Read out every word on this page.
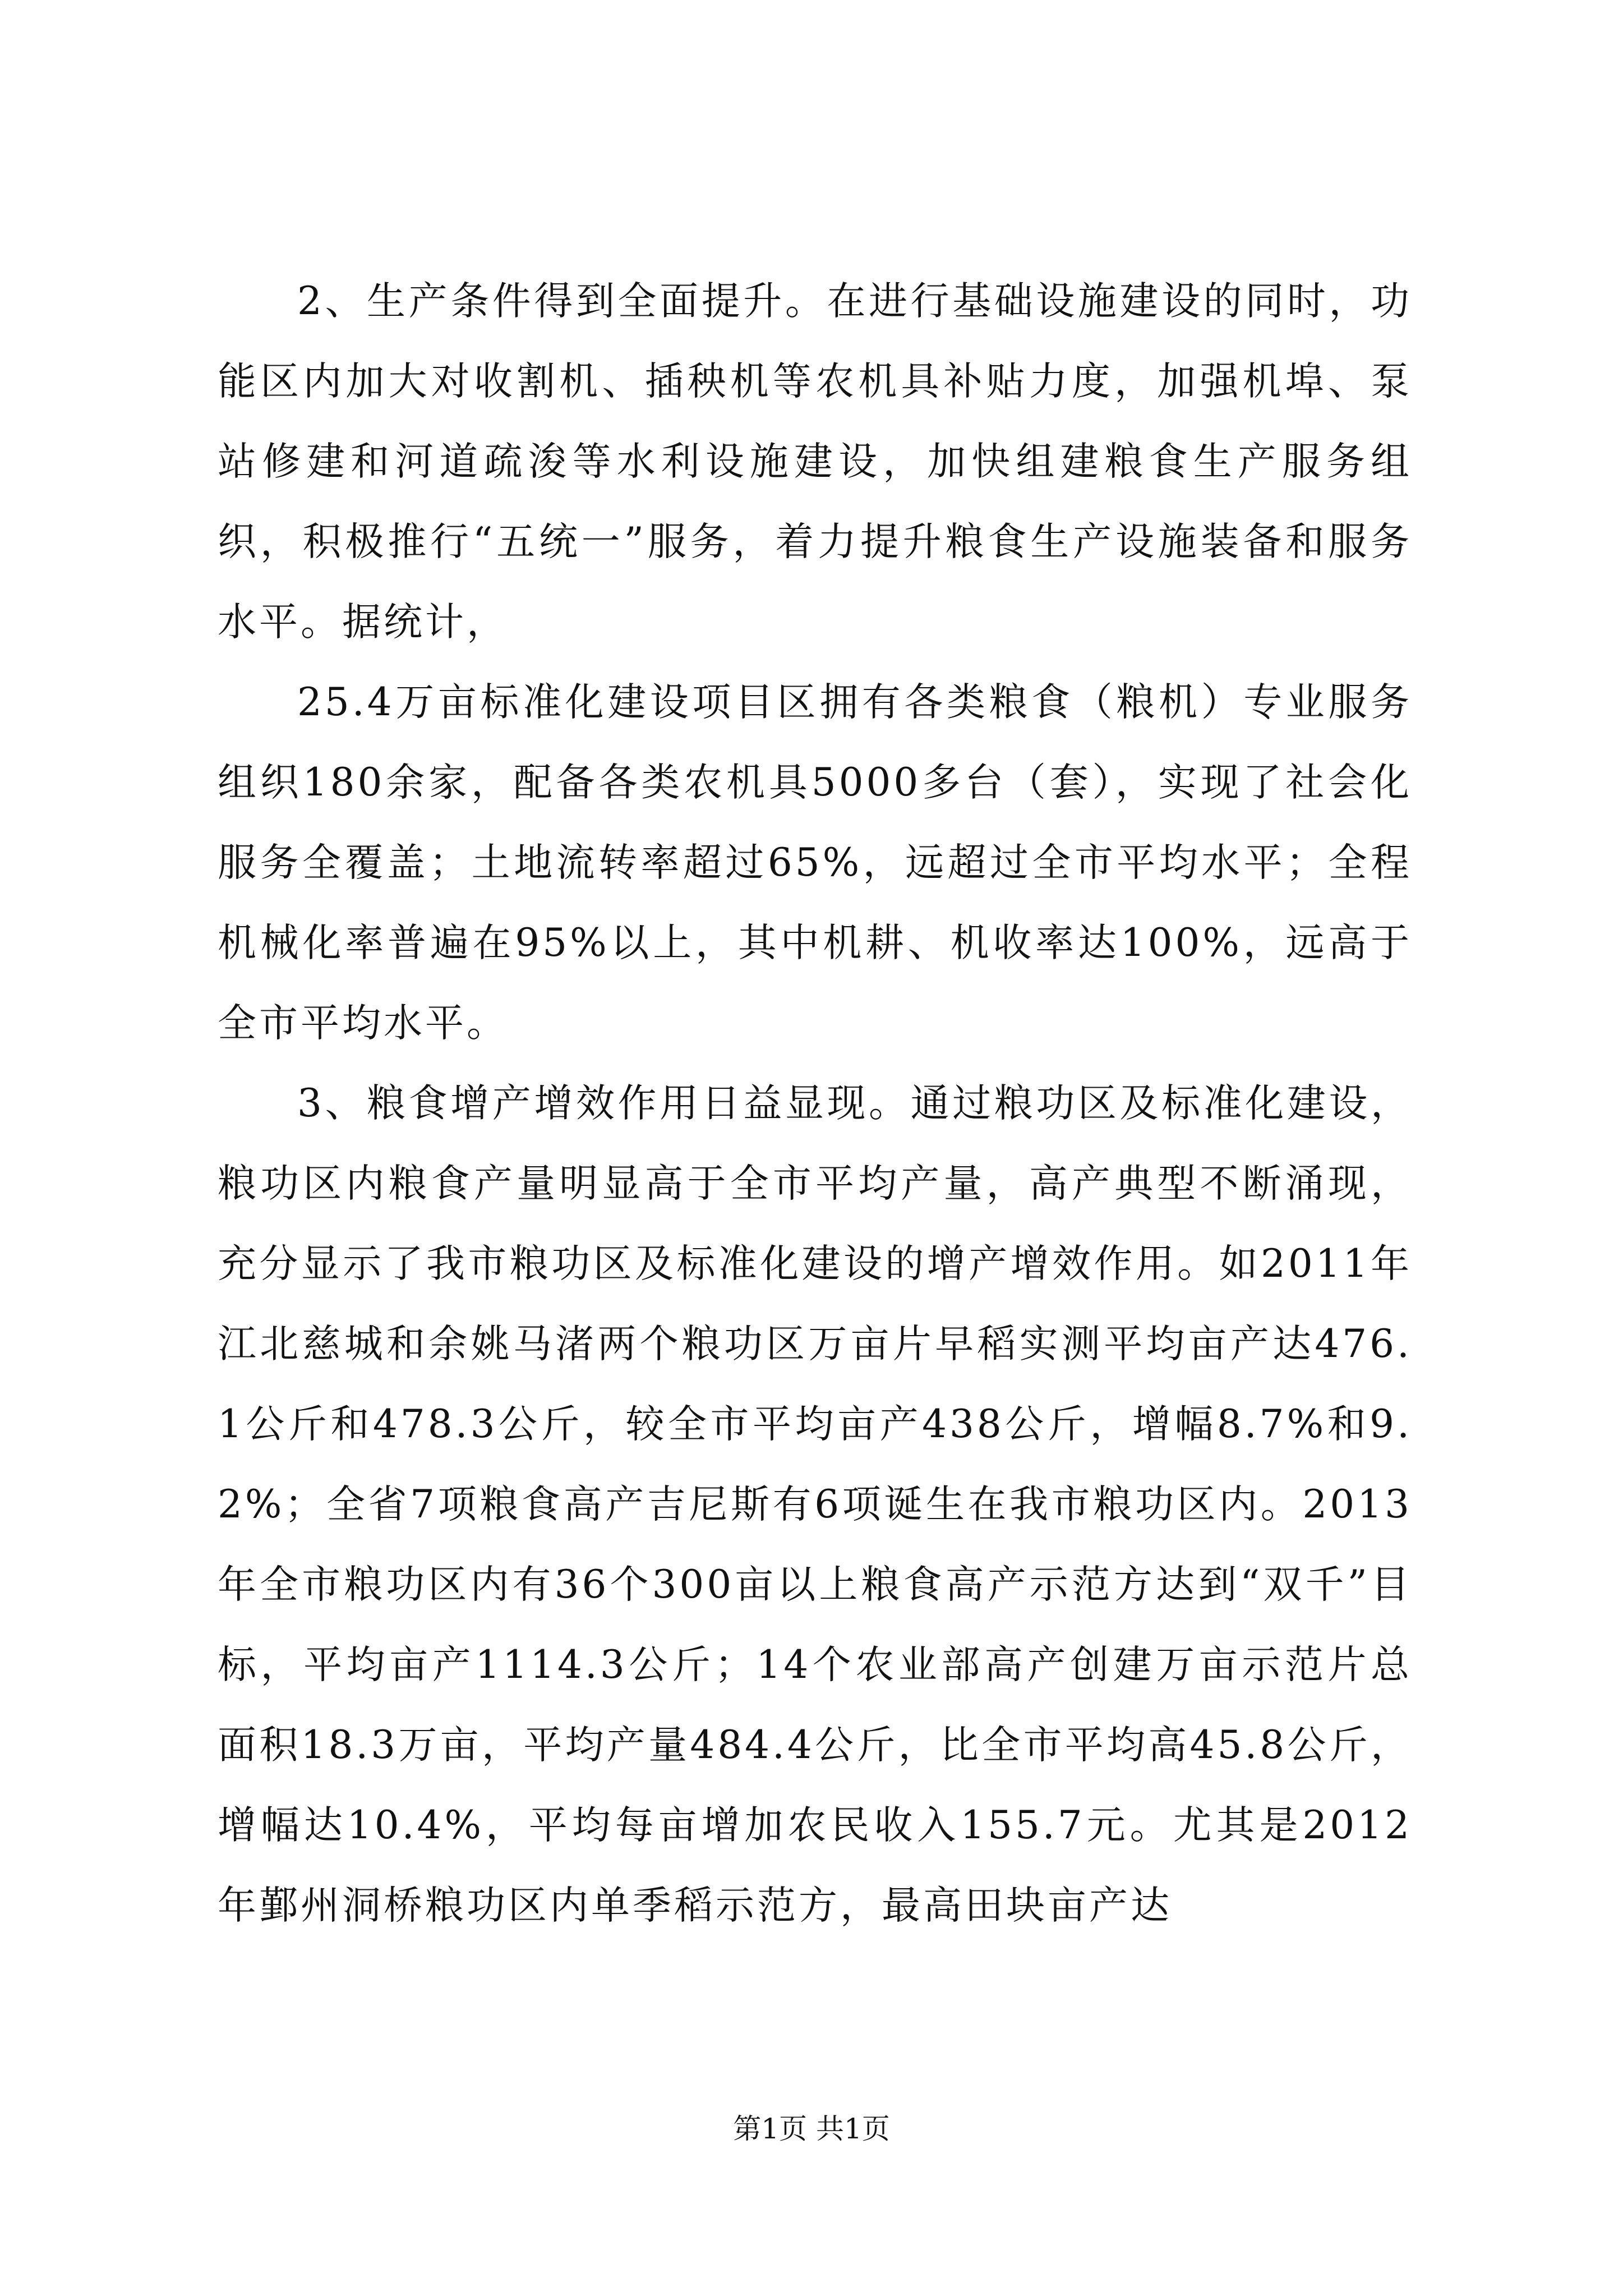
2、生产条件得到全面提升。在进行基础设施建设的同时，功能区内加大对收割机、插秧机等农机具补贴力度，加强机埠、泵站修建和河道疏浚等水利设施建设，加快组建粮食生产服务组织，积极推行“五统一”服务，着力提升粮食生产设施装备和服务水平。据统计，

25.4万亩标准化建设项目区拥有各类粮食（粮机）专业服务组织180余家，配备各类农机具5000多台（套），实现了社会化服务全覆盖；土地流转率超过65%，远超过全市平均水平；全程机械化率普遍在95%以上，其中机耕、机收率达100%，远高于全市平均水平。

3、粮食增产增效作用日益显现。通过粮功区及标准化建设，粮功区内粮食产量明显高于全市平均产量，高产典型不断涌现，充分显示了我市粮功区及标准化建设的增产增效作用。如2011年江北慈城和余姚马渚两个粮功区万亩片早稻实测平均亩产达476.1公斤和478.3公斤，较全市平均亩产438公斤，增幅8.7%和9.2%；全省7项粮食高产吉尼斯有6项诞生在我市粮功区内。2013年全市粮功区内有36个300亩以上粮食高产示范方达到“双千”目标，平均亩产1114.3公斤；14个农业部高产创建万亩示范片总面积18.3万亩，平均产量484.4公斤，比全市平均高45.8公斤，增幅达10.4%，平均每亩增加农民收入155.7元。尤其是2012年鄞州洞桥粮功区内单季稻示范方，最高田块亩产达

第1页 共1页
